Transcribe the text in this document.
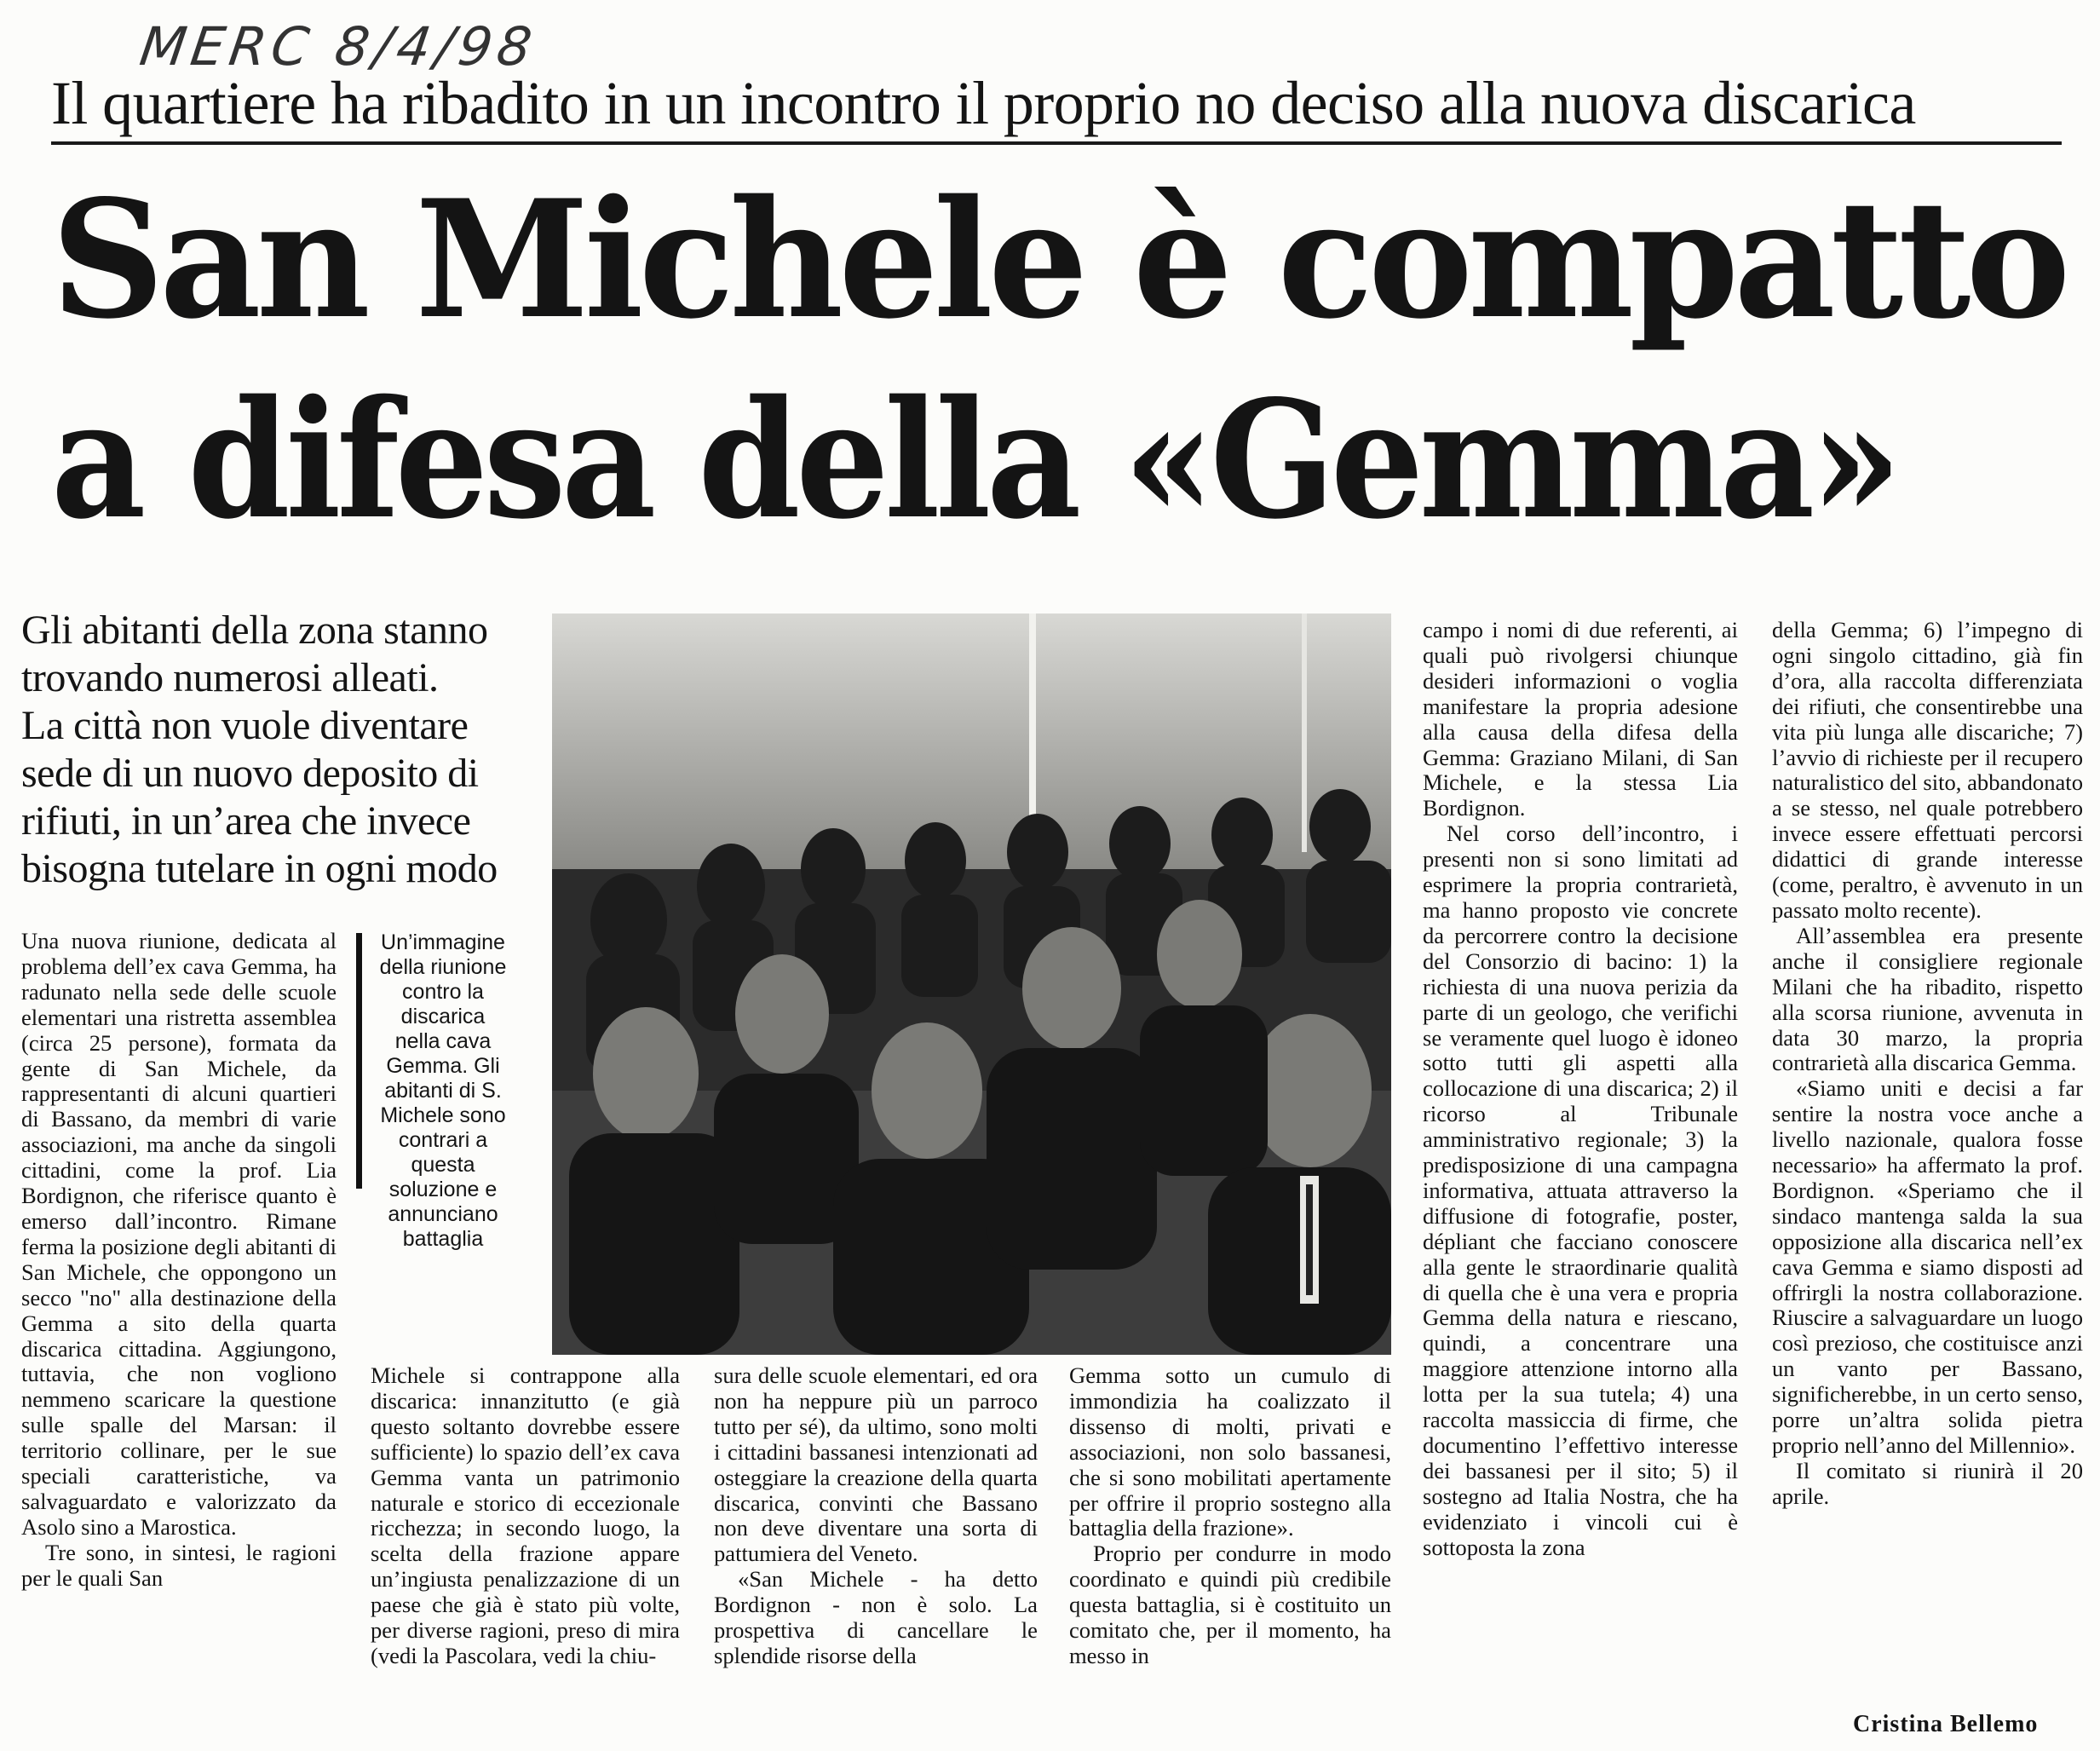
MERC 8/4/98
Il quartiere ha ribadito in un incontro il proprio no deciso alla nuova discarica
San Michele è compatto
a difesa della «Gemma»
Gli abitanti della zona stanno
trovando numerosi alleati.
La città non vuole diventare
sede di un nuovo deposito di
rifiuti, in un’area che invece
bisogna tutelare in ogni modo
Un’immagine della riunione contro la discarica nella cava Gemma. Gli abitanti di S. Michele sono contrari a questa soluzione e annunciano battaglia

Una nuova riunione, dedicata al problema dell’ex cava Gemma, ha radunato nella sede delle scuole elementari una ristretta assemblea (circa 25 persone), formata da gente di San Michele, da rappresentanti di alcuni quartieri di Bassano, da membri di varie associazioni, ma anche da singoli cittadini, come la prof. Lia Bordignon, che riferisce quanto è emerso dall’incontro. Rimane ferma la posizione degli abitanti di San Michele, che oppongono un secco "no" alla destinazione della Gemma a sito della quarta discarica cittadina. Aggiungono, tuttavia, che non vogliono nemmeno scaricare la questione sulle spalle del Marsan: il territorio collinare, per le sue speciali caratteristiche, va salvaguardato e valorizzato da Asolo sino a Marostica.

Tre sono, in sintesi, le ragioni per le quali San

Michele si contrappone alla discarica: innanzitutto (e già questo soltanto dovrebbe essere sufficiente) lo spazio dell’ex cava Gemma vanta un patrimonio naturale e storico di eccezionale ricchezza; in secondo luogo, la scelta della frazione appare un’ingiusta penalizzazione di un paese che già è stato più volte, per diverse ragioni, preso di mira (vedi la Pascolara, vedi la chiu-

sura delle scuole elementari, ed ora non ha neppure più un parroco tutto per sé), da ultimo, sono molti i cittadini bassanesi intenzionati ad osteggiare la creazione della quarta discarica, convinti che Bassano non deve diventare una sorta di pattumiera del Veneto.

«San Michele - ha detto Bordignon - non è solo. La prospettiva di cancellare le splendide risorse della

Gemma sotto un cumulo di immondizia ha coalizzato il dissenso di molti, privati e associazioni, non solo bassanesi, che si sono mobilitati apertamente per offrire il proprio sostegno alla battaglia della frazione».

Proprio per condurre in modo coordinato e quindi più credibile questa battaglia, si è costituito un comitato che, per il momento, ha messo in

campo i nomi di due referenti, ai quali può rivolgersi chiunque desideri informazioni o voglia manifestare la propria adesione alla causa della difesa della Gemma: Graziano Milani, di San Michele, e la stessa Lia Bordignon.

Nel corso dell’incontro, i presenti non si sono limitati ad esprimere la propria contrarietà, ma hanno proposto vie concrete da percorrere contro la decisione del Consorzio di bacino: 1) la richiesta di una nuova perizia da parte di un geologo, che verifichi se veramente quel luogo è idoneo sotto tutti gli aspetti alla collocazione di una discarica; 2) il ricorso al Tribunale amministrativo regionale; 3) la predisposizione di una campagna informativa, attuata attraverso la diffusione di fotografie, poster, dépliant che facciano conoscere alla gente le straordinarie qualità di quella che è una vera e propria Gemma della natura e riescano, quindi, a concentrare una maggiore attenzione intorno alla lotta per la sua tutela; 4) una raccolta massiccia di firme, che documentino l’effettivo interesse dei bassanesi per il sito; 5) il sostegno ad Italia Nostra, che ha evidenziato i vincoli cui è sottoposta la zona

della Gemma; 6) l’impegno di ogni singolo cittadino, già fin d’ora, alla raccolta differenziata dei rifiuti, che consentirebbe una vita più lunga alle discariche; 7) l’avvio di richieste per il recupero naturalistico del sito, abbandonato a se stesso, nel quale potrebbero invece essere effettuati percorsi didattici di grande interesse (come, peraltro, è avvenuto in un passato molto recente).

All’assemblea era presente anche il consigliere regionale Milani che ha ribadito, rispetto alla scorsa riunione, avvenuta in data 30 marzo, la propria contrarietà alla discarica Gemma.

«Siamo uniti e decisi a far sentire la nostra voce anche a livello nazionale, qualora fosse necessario» ha affermato la prof. Bordignon. «Speriamo che il sindaco mantenga salda la sua opposizione alla discarica nell’ex cava Gemma e siamo disposti ad offrirgli la nostra collaborazione. Riuscire a salvaguardare un luogo così prezioso, che costituisce anzi un vanto per Bassano, significherebbe, in un certo senso, porre un’altra solida pietra proprio nell’anno del Millennio».

Il comitato si riunirà il 20 aprile.

Cristina Bellemo
